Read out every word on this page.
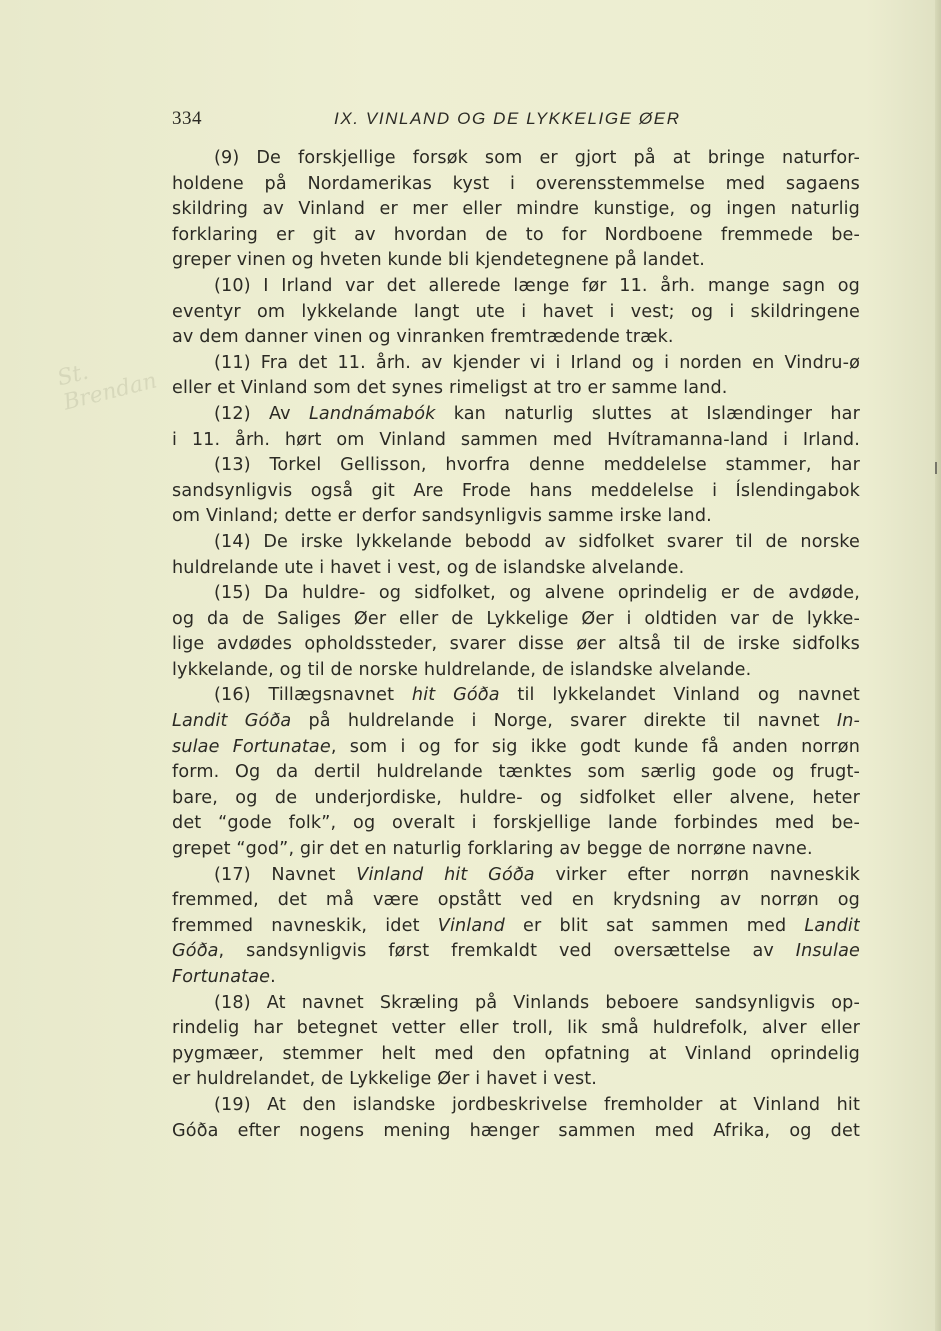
St. Brendan
334	IX. VINLAND OG DE LYKKELIGE ØER
(9) De forskjellige forsøk som er gjort på at bringe naturfor-
holdene på Nordamerikas kyst i overensstemmelse med sagaens
skildring av Vinland er mer eller mindre kunstige, og ingen naturlig
forklaring er git av hvordan de to for Nordboene fremmede be-
greper vinen og hveten kunde bli kjendetegnene på landet.
(10) I Irland var det allerede længe før 11. årh. mange sagn og
eventyr om lykkelande langt ute i havet i vest; og i skildringene
av dem danner vinen og vinranken fremtrædende træk.
(11) Fra det 11. årh. av kjender vi i Irland og i norden en Vindru-ø
eller et Vinland som det synes rimeligst at tro er samme land.
(12) Av Landnámabók kan naturlig sluttes at Islændinger har
i 11. årh. hørt om Vinland sammen med Hvítramanna-land i Irland.
(13) Torkel Gellisson, hvorfra denne meddelelse stammer, har
sandsynligvis også git Are Frode hans meddelelse i Íslendingabok
om Vinland; dette er derfor sandsynligvis samme irske land.
(14) De irske lykkelande bebodd av sidfolket svarer til de norske
huldrelande ute i havet i vest, og de islandske alvelande.
(15) Da huldre- og sidfolket, og alvene oprindelig er de avdøde,
og da de Saliges Øer eller de Lykkelige Øer i oldtiden var de lykke-
lige avdødes opholdssteder, svarer disse øer altså til de irske sidfolks
lykkelande, og til de norske huldrelande, de islandske alvelande.
(16) Tillægsnavnet hit Góða til lykkelandet Vinland og navnet
Landit Góða på huldrelande i Norge, svarer direkte til navnet In-
sulae Fortunatae, som i og for sig ikke godt kunde få anden norrøn
form. Og da dertil huldrelande tænktes som særlig gode og frugt-
bare, og de underjordiske, huldre- og sidfolket eller alvene, heter
det “gode folk”, og overalt i forskjellige lande forbindes med be-
grepet “god”, gir det en naturlig forklaring av begge de norrøne navne.
(17) Navnet Vinland hit Góða virker efter norrøn navneskik
fremmed, det må være opstått ved en krydsning av norrøn og
fremmed navneskik, idet Vinland er blit sat sammen med Landit
Góða, sandsynligvis først fremkaldt ved oversættelse av Insulae
Fortunatae.
(18) At navnet Skræling på Vinlands beboere sandsynligvis op-
rindelig har betegnet vetter eller troll, lik små huldrefolk, alver eller
pygmæer, stemmer helt med den opfatning at Vinland oprindelig
er huldrelandet, de Lykkelige Øer i havet i vest.
(19) At den islandske jordbeskrivelse fremholder at Vinland hit
Góða efter nogens mening hænger sammen med Afrika, og det
